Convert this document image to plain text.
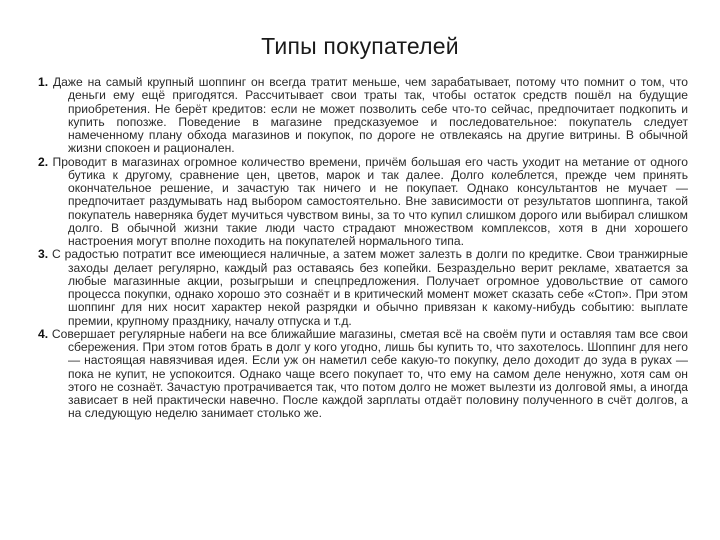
Типы покупателей

1. Даже на самый крупный шоппинг он всегда тратит меньше, чем зарабатывает, потому что помнит о том, что деньги ему ещё пригодятся. Рассчитывает свои траты так, чтобы остаток средств пошёл на будущие приобретения. Не берёт кредитов: если не может позволить себе что-то сейчас, предпочитает подкопить и купить попозже. Поведение в магазине предсказуемое и последовательное: покупатель следует намеченному плану обхода магазинов и покупок, по дороге не отвлекаясь на другие витрины. В обычной жизни спокоен и рационален.

2. Проводит в магазинах огромное количество времени, причём большая его часть уходит на метание от одного бутика к другому, сравнение цен, цветов, марок и так далее. Долго колеблется, прежде чем принять окончательное решение, и зачастую так ничего и не покупает. Однако консультантов не мучает — предпочитает раздумывать над выбором самостоятельно. Вне зависимости от результатов шоппинга, такой покупатель наверняка будет мучиться чувством вины, за то что купил слишком дорого или выбирал слишком долго. В обычной жизни такие люди часто страдают множеством комплексов, хотя в дни хорошего настроения могут вполне походить на покупателей нормального типа.

3. С радостью потратит все имеющиеся наличные, а затем может залезть в долги по кредитке. Свои транжирные заходы делает регулярно, каждый раз оставаясь без копейки. Безраздельно верит рекламе, хватается за любые магазинные акции, розыгрыши и спецпредложения. Получает огромное удовольствие от самого процесса покупки, однако хорошо это сознаёт и в критический момент может сказать себе «Стоп». При этом шоппинг для них носит характер некой разрядки и обычно привязан к какому-нибудь событию: выплате премии, крупному празднику, началу отпуска и т.д.

4. Совершает регулярные набеги на все ближайшие магазины, сметая всё на своём пути и оставляя там все свои сбережения. При этом готов брать в долг у кого угодно, лишь бы купить то, что захотелось. Шоппинг для него — настоящая навязчивая идея. Если уж он наметил себе какую-то покупку, дело доходит до зуда в руках — пока не купит, не успокоится. Однако чаще всего покупает то, что ему на самом деле ненужно, хотя сам он этого не сознаёт. Зачастую протрачивается так, что потом долго не может вылезти из долговой ямы, а иногда зависает в ней практически навечно. После каждой зарплаты отдаёт половину полученного в счёт долгов, а на следующую неделю занимает столько же.
